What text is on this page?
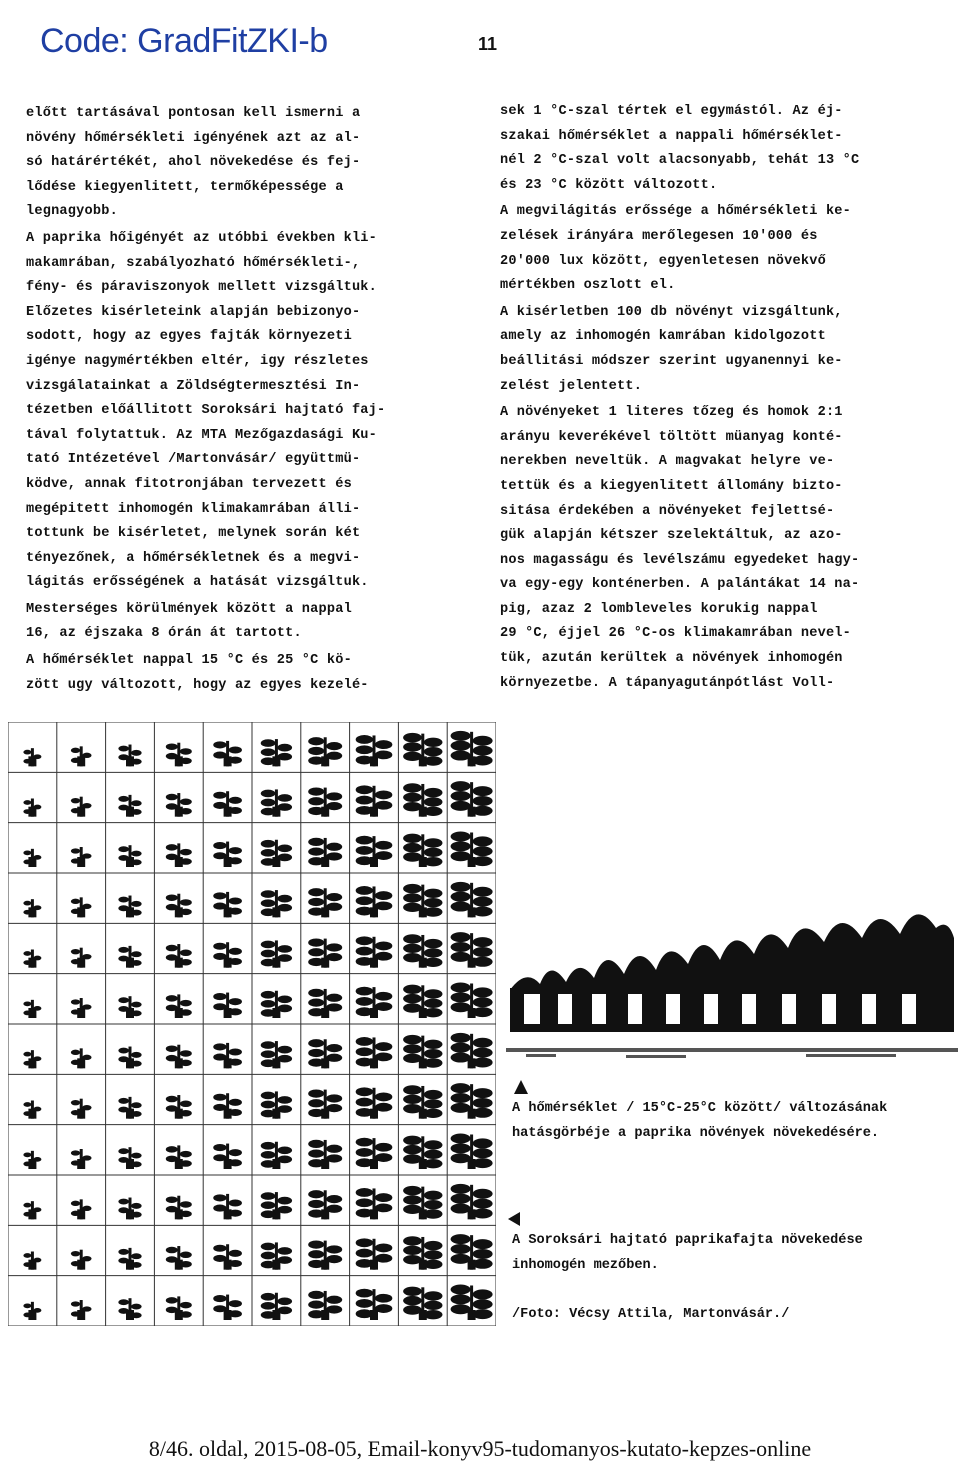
Code: GradFitZKI-b	11

előtt tartásával pontosan kell ismerni a
növény hőmérsékleti igényének azt az al-
só határértékét, ahol növekedése és fej-
lődése kiegyenlitett, termőképessége a
legnagyobb.

A paprika hőigényét az utóbbi években kli-
makamrában, szabályozható hőmérsékleti-,
fény- és páraviszonyok mellett vizsgáltuk.
Előzetes kisérleteink alapján bebizonyo-
sodott, hogy az egyes fajták környezeti
igénye nagymértékben eltér, igy részletes
vizsgálatainkat a Zöldségtermesztési In-
tézetben előállitott Soroksári hajtató faj-
tával folytattuk. Az MTA Mezőgazdasági Ku-
tató Intézetével /Martonvásár/ együttmü-
ködve, annak fitotronjában tervezett és
megépitett inhomogén klimakamrában álli-
tottunk be kisérletet, melynek során két
tényezőnek, a hőmérsékletnek és a megvi-
lágitás erősségének a hatását vizsgáltuk.

Mesterséges körülmények között a nappal
16, az éjszaka 8 órán át tartott.

A hőmérséklet nappal 15 °C és 25 °C kö-
zött ugy változott, hogy az egyes kezelé-

sek 1 °C-szal tértek el egymástól. Az éj-
szakai hőmérséklet a nappali hőmérséklet-
nél 2 °C-szal volt alacsonyabb, tehát 13 °C
és 23 °C között változott.

A megvilágitás erőssége a hőmérsékleti ke-
zelések irányára merőlegesen 10'000 és
20'000 lux között, egyenletesen növekvő
mértékben oszlott el.

A kisérletben 100 db növényt vizsgáltunk,
amely az inhomogén kamrában kidolgozott
beállitási módszer szerint ugyanennyi ke-
zelést jelentett.

A növényeket 1 literes tőzeg és homok 2:1
arányu keverékével töltött müanyag konté-
nerekben neveltük. A magvakat helyre ve-
tettük és a kiegyenlitett állomány bizto-
sitása érdekében a növényeket fejlettsé-
gük alapján kétszer szelektáltuk, az azo-
nos magasságu és levélszámu egyedeket hagy-
va egy-egy konténerben. A palántákat 14 na-
pig, azaz 2 lombleveles korukig nappal
29 °C, éjjel 26 °C-os klimakamrában nevel-
tük, azután kerültek a növények inhomogén
környezetbe. A tápanyagutánpótlást Voll-

A hőmérséklet / 15°C-25°C között/ változásának
hatásgörbéje a paprika növények növekedésére.
A Soroksári hajtató paprikafajta növekedése
inhomogén mezőben.
/Foto: Vécsy Attila, Martonvásár./
8/46. oldal, 2015-08-05, Email-konyv95-tudomanyos-kutato-kepzes-online
